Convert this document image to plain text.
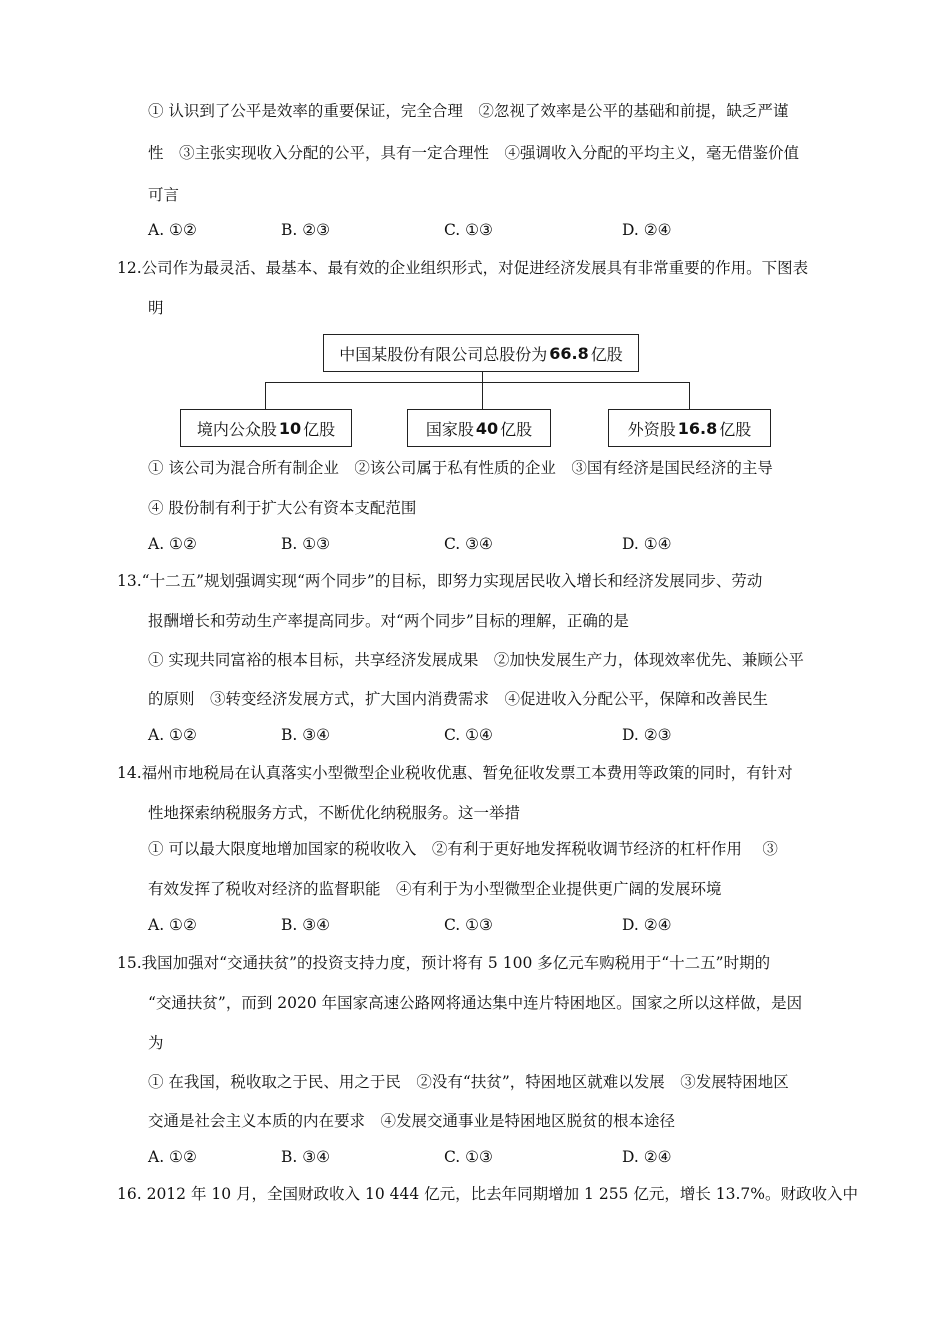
① 认识到了公平是效率的重要保证，完全合理　②忽视了效率是公平的基础和前提，缺乏严谨
性　③主张实现收入分配的公平，具有一定合理性　④强调收入分配的平均主义，毫无借鉴价值
可言
A. ①②	B. ②③	C. ①③	D. ②④
12.公司作为最灵活、最基本、最有效的企业组织形式，对促进经济发展具有非常重要的作用。下图表
明
中国某股份有限公司总股份为 66.8 亿股
境内公众股 10 亿股	国家股 40 亿股	外资股 16.8 亿股
① 该公司为混合所有制企业　②该公司属于私有性质的企业　③国有经济是国民经济的主导
④ 股份制有利于扩大公有资本支配范围
A. ①②	B. ①③	C. ③④	D. ①④
13.“十二五”规划强调实现“两个同步”的目标，即努力实现居民收入增长和经济发展同步、劳动
报酬增长和劳动生产率提高同步。对“两个同步”目标的理解，正确的是
① 实现共同富裕的根本目标，共享经济发展成果　②加快发展生产力，体现效率优先、兼顾公平
的原则　③转变经济发展方式，扩大国内消费需求　④促进收入分配公平，保障和改善民生
A. ①②	B. ③④	C. ①④	D. ②③
14.福州市地税局在认真落实小型微型企业税收优惠、暂免征收发票工本费用等政策的同时，有针对
性地探索纳税服务方式，不断优化纳税服务。这一举措
① 可以最大限度地增加国家的税收收入　②有利于更好地发挥税收调节经济的杠杆作用　 ③
有效发挥了税收对经济的监督职能　④有利于为小型微型企业提供更广阔的发展环境
A. ①②	B. ③④	C. ①③	D. ②④
15.我国加强对“交通扶贫”的投资支持力度，预计将有 5 100 多亿元车购税用于“十二五”时期的
“交通扶贫”，而到 2020 年国家高速公路网将通达集中连片特困地区。国家之所以这样做，是因
为
① 在我国，税收取之于民、用之于民　②没有“扶贫”，特困地区就难以发展　③发展特困地区
交通是社会主义本质的内在要求　④发展交通事业是特困地区脱贫的根本途径
A. ①②	B. ③④	C. ①③	D. ②④
16. 2012 年 10 月，全国财政收入 10 444 亿元，比去年同期增加 1 255 亿元，增长 13.7%。财政收入中
